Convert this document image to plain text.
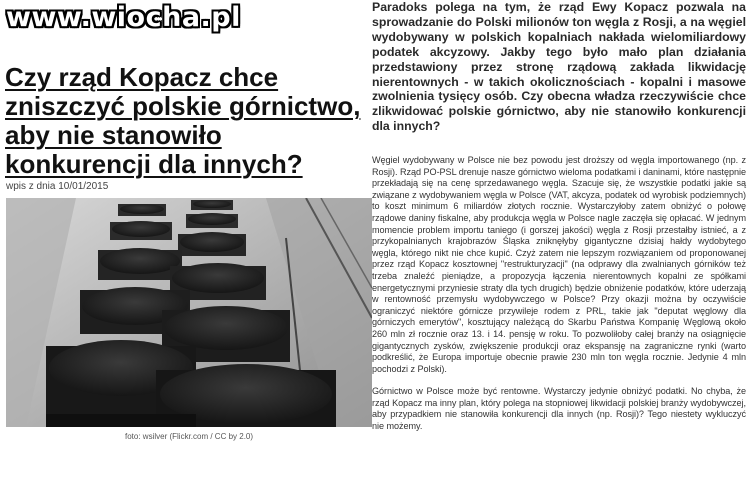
www.wiocha.pl
Czy rząd Kopacz chce
zniszczyć polskie górnictwo,
aby nie stanowiło
konkurencji dla innych?
wpis z dnia 10/01/2015
foto: wsilver (Flickr.com / CC by 2.0)
Paradoks polega na tym, że rząd Ewy Kopacz pozwala na sprowadzanie do Polski milionów ton węgla z Rosji, a na węgiel wydobywany w polskich kopalniach nakłada wielomiliardowy podatek akcyzowy. Jakby tego było mało plan działania przedstawiony przez stronę rządową zakłada likwidację nierentownych - w takich okolicznościach - kopalni i masowe zwolnienia tysięcy osób. Czy obecna władza rzeczywiście chce zlikwidować polskie górnictwo, aby nie stanowiło konkurencji dla innych?

Węgiel wydobywany w Polsce nie bez powodu jest droższy od węgla importowanego (np. z Rosji). Rząd PO-PSL drenuje nasze górnictwo wieloma podatkami i daninami, które następnie przekładają się na cenę sprzedawanego węgla. Szacuje się, że wszystkie podatki jakie są związane z wydobywaniem węgla w Polsce (VAT, akcyza, podatek od wyrobisk podziemnych) to koszt minimum 6 miliardów złotych rocznie. Wystarczyłoby zatem obniżyć o połowę rządowe daniny fiskalne, aby produkcja węgla w Polsce nagle zaczęła się opłacać. W jednym momencie problem importu taniego (i gorszej jakości) węgla z Rosji przestałby istnieć, a z przykopalnianych krajobrazów Śląska zniknęłyby gigantyczne dzisiaj hałdy wydobytego węgla, którego nikt nie chce kupić. Czyż zatem nie lepszym rozwiązaniem od proponowanej przez rząd Kopacz kosztownej "restrukturyzacji" (na odprawy dla zwalnianych górników też trzeba znaleźć pieniądze, a propozycja łączenia nierentownych kopalni ze spółkami energetycznymi przyniesie straty dla tych drugich) będzie obniżenie podatków, które uderzają w rentowność przemysłu wydobywczego w Polsce? Przy okazji można by oczywiście ograniczyć niektóre górnicze przywileje rodem z PRL, takie jak "deputat węglowy dla górniczych emerytów", kosztujący należącą do Skarbu Państwa Kompanię Węglową około 260 mln zł rocznie oraz 13. i 14. pensję w roku. To pozwoliłoby całej branży na osiągnięcie gigantycznych zysków, zwiększenie produkcji oraz ekspansję na zagraniczne rynki (warto podkreślić, że Europa importuje obecnie prawie 230 mln ton węgla rocznie. Jedynie 4 mln pochodzi z Polski).

Górnictwo w Polsce może być rentowne. Wystarczy jedynie obniżyć podatki. No chyba, że rząd Kopacz ma inny plan, który polega na stopniowej likwidacji polskiej branży wydobywczej, aby przypadkiem nie stanowiła konkurencji dla innych (np. Rosji)? Tego niestety wykluczyć nie możemy.
